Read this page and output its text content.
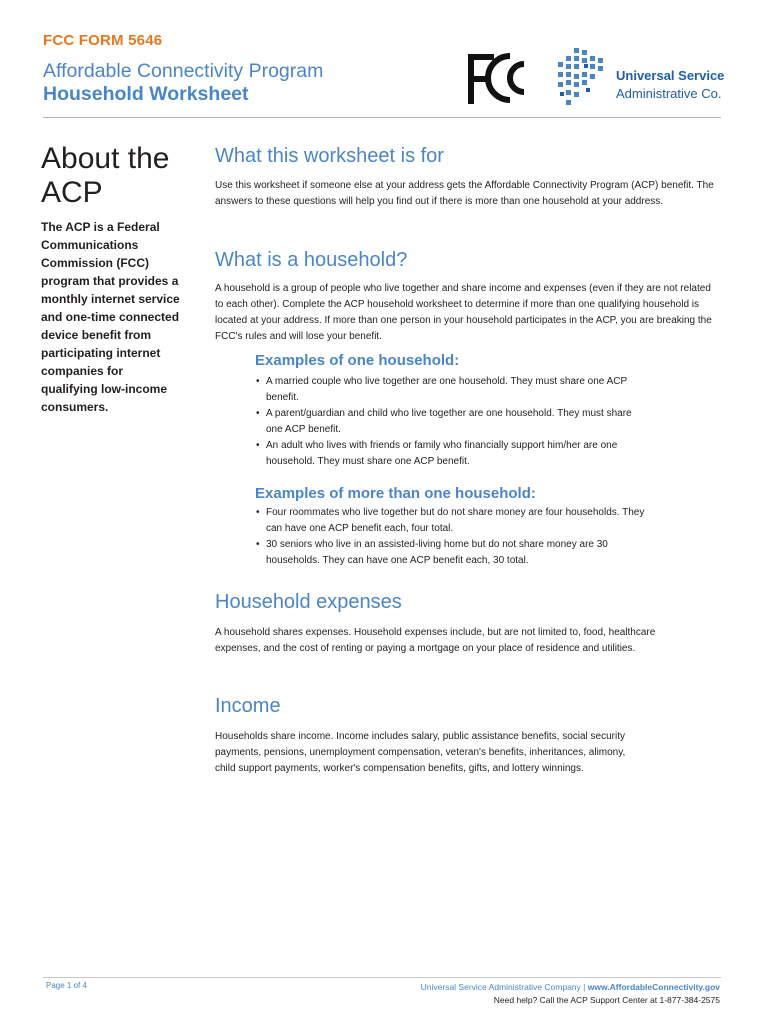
FCC FORM 5646
Affordable Connectivity Program
Household Worksheet
Universal Service
Administrative Co.
About the
ACP
The ACP is a Federal Communications Commission (FCC) program that provides a monthly internet service and one-time connected device benefit from participating internet companies for qualifying low-income consumers.
What this worksheet is for
Use this worksheet if someone else at your address gets the Affordable Connectivity Program (ACP) benefit. The answers to these questions will help you find out if there is more than one household at your address.
What is a household?
A household is a group of people who live together and share income and expenses (even if they are not related to each other). Complete the ACP household worksheet to determine if more than one qualifying household is located at your address. If more than one person in your household participates in the ACP, you are breaking the FCC's rules and will lose your benefit.
Examples of one household:
• A married couple who live together are one household. They must share one ACP benefit.
• A parent/guardian and child who live together are one household. They must share one ACP benefit.
• An adult who lives with friends or family who financially support him/her are one household. They must share one ACP benefit.
Examples of more than one household:
• Four roommates who live together but do not share money are four households. They can have one ACP benefit each, four total.
• 30 seniors who live in an assisted-living home but do not share money are 30 households. They can have one ACP benefit each, 30 total.
Household expenses
A household shares expenses. Household expenses include, but are not limited to, food, healthcare expenses, and the cost of renting or paying a mortgage on your place of residence and utilities.
Income
Households share income. Income includes salary, public assistance benefits, social security payments, pensions, unemployment compensation, veteran's benefits, inheritances, alimony, child support payments, worker's compensation benefits, gifts, and lottery winnings.
Page 1 of 4	Universal Service Administrative Company | www.AffordableConnectivity.gov
Need help? Call the ACP Support Center at 1-877-384-2575
